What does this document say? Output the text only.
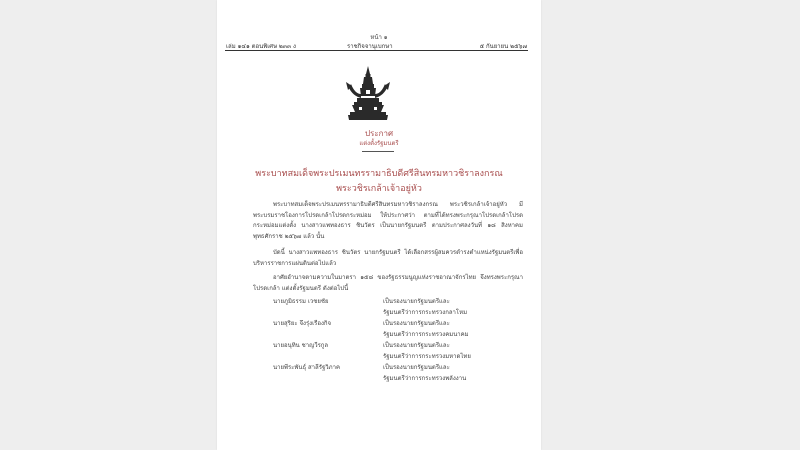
หน้า ๑
เล่ม ๑๔๑ ตอนพิเศษ ๒๓๓ ง	ราชกิจจานุเบกษา	๕ กันยายน ๒๕๖๗
ประกาศ
แต่งตั้งรัฐมนตรี
พระบาทสมเด็จพระปรเมนทรรามาธิบดีศรีสินทรมหาวชิราลงกรณ
พระวชิรเกล้าเจ้าอยู่หัว
พระบาทสมเด็จพระปรเมนทรรามาธิบดีศรีสินทรมหาวชิราลงกรณ พระวชิรเกล้าเจ้าอยู่หัว มีพระบรมราชโองการโปรดเกล้าโปรดกระหม่อม ให้ประกาศว่า ตามที่ได้ทรงพระกรุณาโปรดเกล้าโปรดกระหม่อมแต่งตั้ง นางสาวแพทองธาร ชินวัตร เป็นนายกรัฐมนตรี ตามประกาศลงวันที่ ๑๘ สิงหาคม พุทธศักราช ๒๕๖๗ แล้ว นั้น
บัดนี้ นางสาวแพทองธาร ชินวัตร นายกรัฐมนตรี ได้เลือกสรรผู้สมควรดำรงตำแหน่งรัฐมนตรีเพื่อบริหารราชการแผ่นดินต่อไปแล้ว
อาศัยอำนาจตามความในมาตรา ๑๕๘ ของรัฐธรรมนูญแห่งราชอาณาจักรไทย จึงทรงพระกรุณาโปรดเกล้า แต่งตั้งรัฐมนตรี ดังต่อไปนี้
นายภูมิธรรม เวชยชัย	เป็นรองนายกรัฐมนตรีและ
รัฐมนตรีว่าการกระทรวงกลาโหม
นายสุริยะ จึงรุ่งเรืองกิจ	เป็นรองนายกรัฐมนตรีและ
รัฐมนตรีว่าการกระทรวงคมนาคม
นายอนุทิน ชาญวีรกูล	เป็นรองนายกรัฐมนตรีและ
รัฐมนตรีว่าการกระทรวงมหาดไทย
นายพีระพันธุ์ สาลีรัฐวิภาค	เป็นรองนายกรัฐมนตรีและ
รัฐมนตรีว่าการกระทรวงพลังงาน
